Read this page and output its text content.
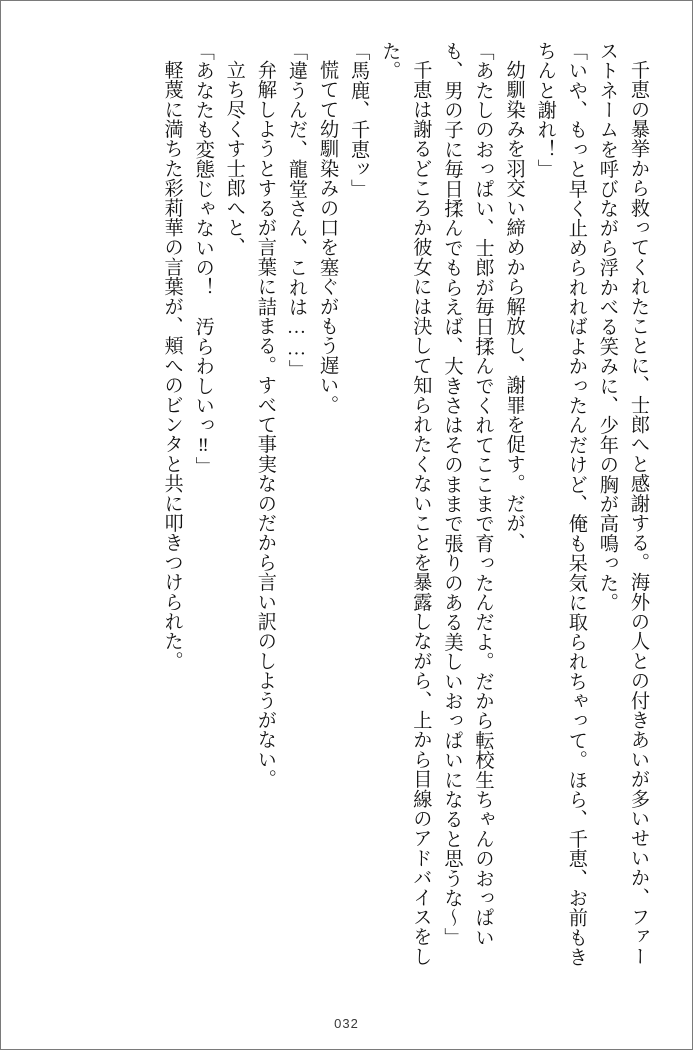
千恵の暴挙から救ってくれたことに、士郎へと感謝する。海外の人との付きあいが多いせいか、ファーストネームを呼びながら浮かべる笑みに、少年の胸が高鳴った。
「いや、もっと早く止められればよかったんだけど、俺も呆気に取られちゃって。ほら、千恵、お前もきちんと謝れ！」
幼馴染みを羽交い締めから解放し、謝罪を促す。だが、
「あたしのおっぱい、士郎が毎日揉んでくれてここまで育ったんだよ。だから転校生ちゃんのおっぱいも、男の子に毎日揉んでもらえば、大きさはそのままで張りのある美しいおっぱいになると思うな～」
千恵は謝るどころか彼女には決して知られたくないことを暴露しながら、上から目線のアドバイスをした。
「馬鹿、千恵ッ」
慌てて幼馴染みの口を塞ぐがもう遅い。
「違うんだ、龍堂さん、これは……」
弁解しようとするが言葉に詰まる。すべて事実なのだから言い訳のしようがない。
立ち尽くす士郎へと、
「あなたも変態じゃないの！　汚らわしいっ‼」
軽蔑に満ちた彩莉華の言葉が、頬へのビンタと共に叩きつけられた。
032
